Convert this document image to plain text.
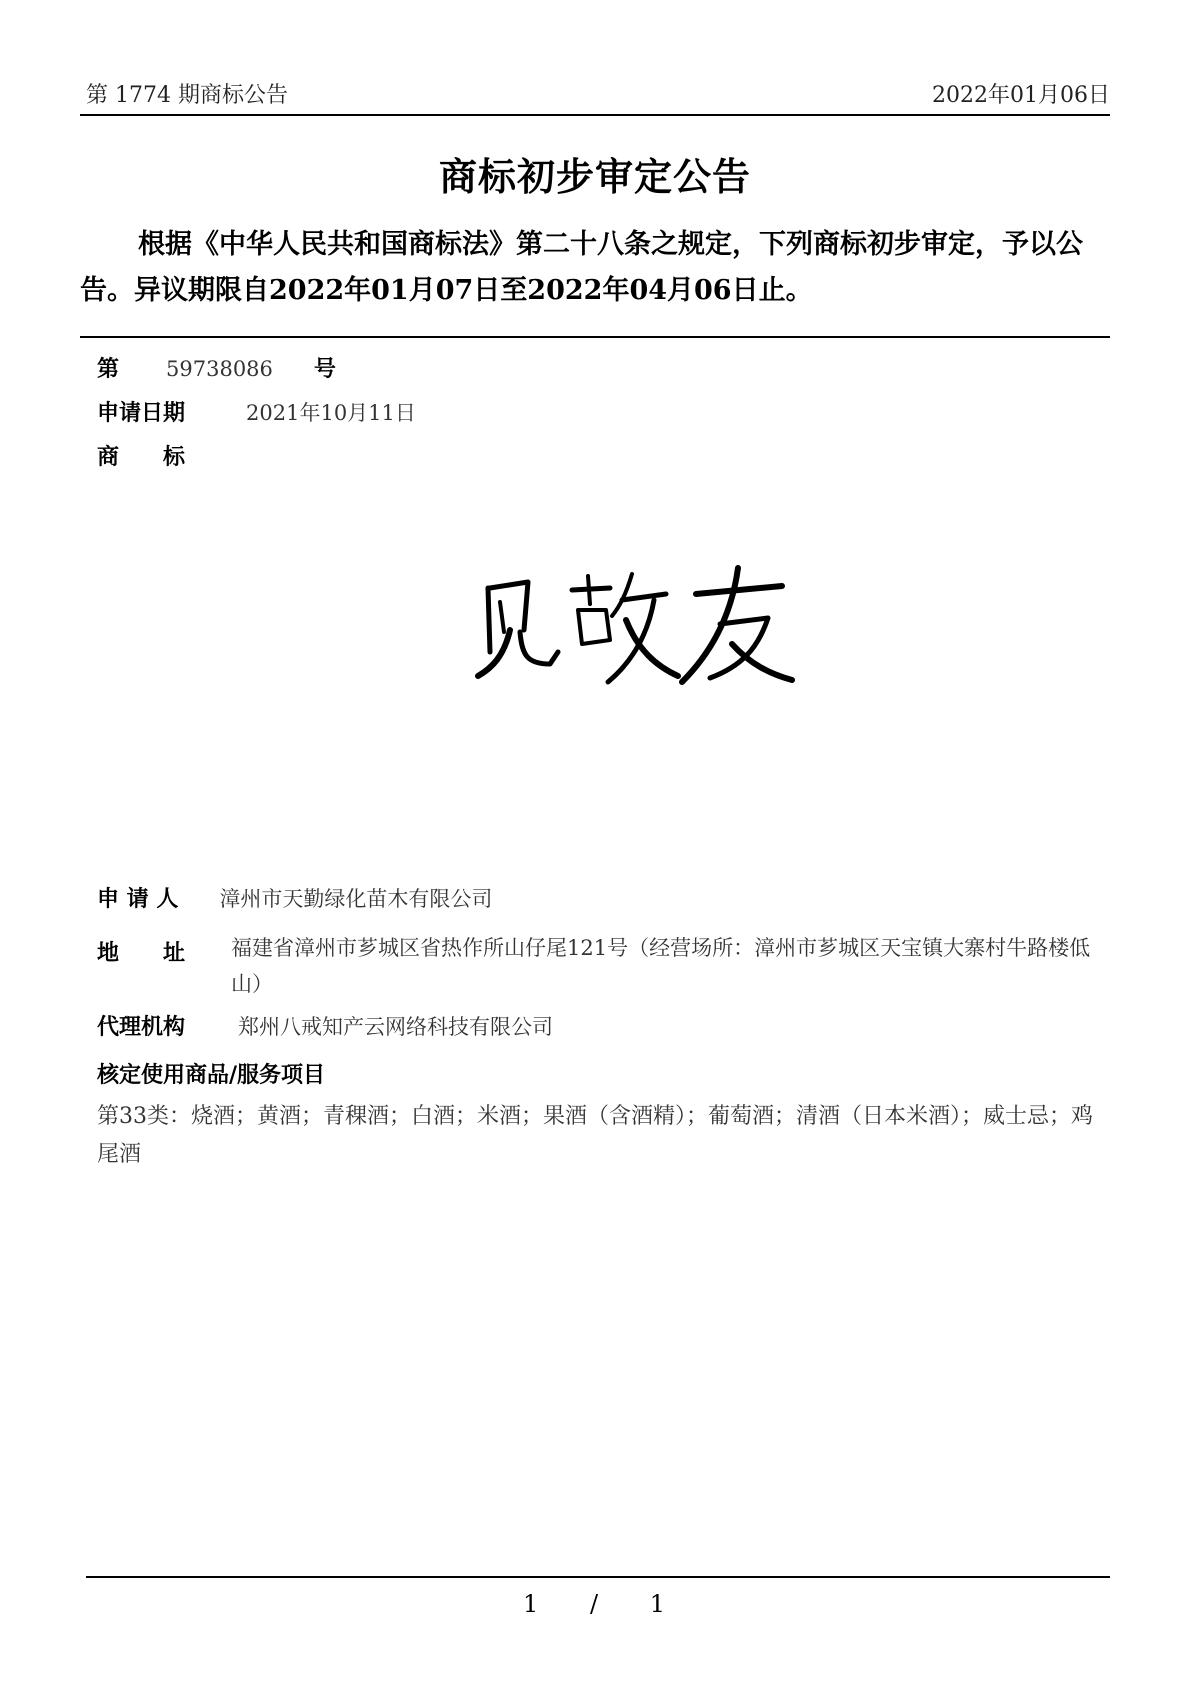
第 1774 期商标公告	2022年01月06日
商标初步审定公告
根据《中华人民共和国商标法》第二十八条之规定，下列商标初步审定，予以公告。异议期限自2022年01月07日至2022年04月06日止。
第 59738086 号
申请日期	2021年10月11日
商　　标
申 请 人 漳州市天勤绿化苗木有限公司
地　　址	福建省漳州市芗城区省热作所山仔尾121号（经营场所：漳州市芗城区天宝镇大寨村牛路楼低山）
代理机构	郑州八戒知产云网络科技有限公司
核定使用商品/服务项目
第33类：烧酒；黄酒；青稞酒；白酒；米酒；果酒（含酒精）；葡萄酒；清酒（日本米酒）；威士忌；鸡尾酒
1 / 1
